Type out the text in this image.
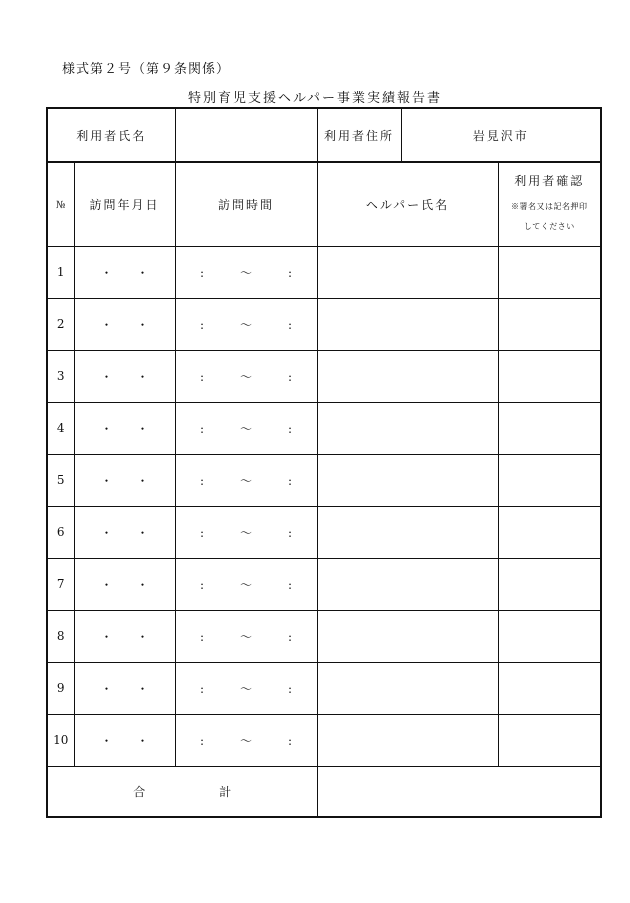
様式第２号（第９条関係）
特別育児支援ヘルパー事業実績報告書
利用者氏名			利用者住所	岩見沢市	
№	訪問年月日	訪問時間	ヘルパー氏名		利用者確認
※署名又は記名押印
してください

1	・　　・	:　　　～　　　:			
2	・　　・	:　　　～　　　:			
3	・　　・	:　　　～　　　:			
4	・　　・	:　　　～　　　:			
5	・　　・	:　　　～　　　:			
6	・　　・	:　　　～　　　:			
7	・　　・	:　　　～　　　:			
8	・　　・	:　　　～　　　:			
9	・　　・	:　　　～　　　:			
10	・　　・	:　　　～　　　:			
合 計					
